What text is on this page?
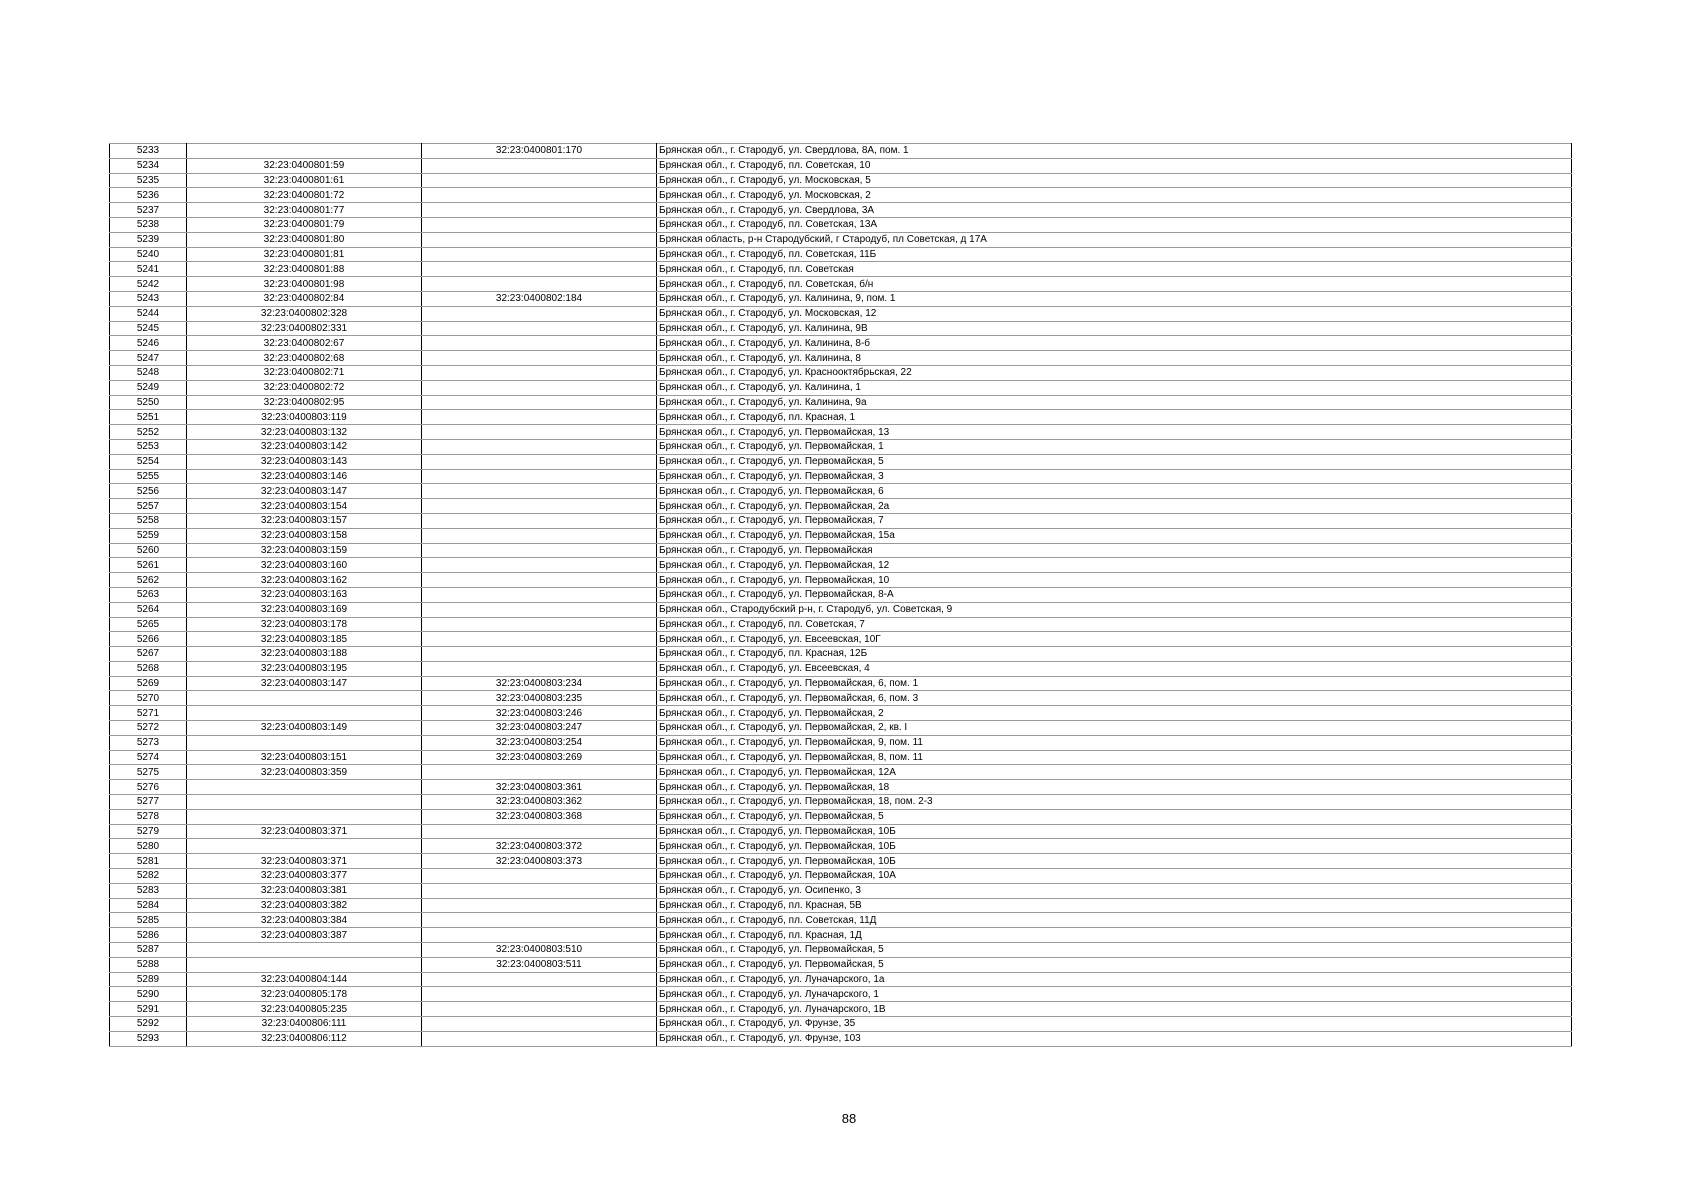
5233		32:23:0400801:170	Брянская обл., г. Стародуб, ул. Свердлова, 8А, пом. 1
5234	32:23:0400801:59		Брянская обл., г. Стародуб, пл. Советская, 10
5235	32:23:0400801:61		Брянская обл., г. Стародуб, ул. Московская, 5
5236	32:23:0400801:72		Брянская обл., г. Стародуб, ул. Московская, 2
5237	32:23:0400801:77		Брянская обл., г. Стародуб, ул. Свердлова, 3А
5238	32:23:0400801:79		Брянская обл., г. Стародуб, пл. Советская, 13А
5239	32:23:0400801:80		Брянская область, р-н Стародубский, г Стародуб, пл Советская, д 17А
5240	32:23:0400801:81		Брянская обл., г. Стародуб, пл. Советская, 11Б
5241	32:23:0400801:88		Брянская обл., г. Стародуб, пл. Советская
5242	32:23:0400801:98		Брянская обл., г. Стародуб, пл. Советская, б/н
5243	32:23:0400802:84	32:23:0400802:184	Брянская обл., г. Стародуб, ул. Калинина, 9, пом. 1
5244	32:23:0400802:328		Брянская обл., г. Стародуб, ул. Московская, 12
5245	32:23:0400802:331		Брянская обл., г. Стародуб, ул. Калинина, 9В
5246	32:23:0400802:67		Брянская обл., г. Стародуб, ул. Калинина, 8-б
5247	32:23:0400802:68		Брянская обл., г. Стародуб, ул. Калинина, 8
5248	32:23:0400802:71		Брянская обл., г. Стародуб, ул. Краснооктябрьская, 22
5249	32:23:0400802:72		Брянская обл., г. Стародуб, ул. Калинина, 1
5250	32:23:0400802:95		Брянская обл., г. Стародуб, ул. Калинина, 9а
5251	32:23:0400803:119		Брянская обл., г. Стародуб, пл. Красная, 1
5252	32:23:0400803:132		Брянская обл., г. Стародуб, ул. Первомайская, 13
5253	32:23:0400803:142		Брянская обл., г. Стародуб, ул. Первомайская, 1
5254	32:23:0400803:143		Брянская обл., г. Стародуб, ул. Первомайская, 5
5255	32:23:0400803:146		Брянская обл., г. Стародуб, ул. Первомайская, 3
5256	32:23:0400803:147		Брянская обл., г. Стародуб, ул. Первомайская, 6
5257	32:23:0400803:154		Брянская обл., г. Стародуб, ул. Первомайская, 2а
5258	32:23:0400803:157		Брянская обл., г. Стародуб, ул. Первомайская, 7
5259	32:23:0400803:158		Брянская обл., г. Стародуб, ул. Первомайская, 15а
5260	32:23:0400803:159		Брянская обл., г. Стародуб, ул. Первомайская
5261	32:23:0400803:160		Брянская обл., г. Стародуб, ул. Первомайская, 12
5262	32:23:0400803:162		Брянская обл., г. Стародуб, ул. Первомайская, 10
5263	32:23:0400803:163		Брянская обл., г. Стародуб, ул. Первомайская, 8-А
5264	32:23:0400803:169		Брянская обл., Стародубский р-н, г. Стародуб, ул. Советская, 9
5265	32:23:0400803:178		Брянская обл., г. Стародуб, пл. Советская, 7
5266	32:23:0400803:185		Брянская обл., г. Стародуб, ул. Евсеевская, 10Г
5267	32:23:0400803:188		Брянская обл., г. Стародуб, пл. Красная, 12Б
5268	32:23:0400803:195		Брянская обл., г. Стародуб, ул. Евсеевская, 4
5269	32:23:0400803:147	32:23:0400803:234	Брянская обл., г. Стародуб, ул. Первомайская, 6, пом. 1
5270		32:23:0400803:235	Брянская обл., г. Стародуб, ул. Первомайская, 6, пом. 3
5271		32:23:0400803:246	Брянская обл., г. Стародуб, ул. Первомайская, 2
5272	32:23:0400803:149	32:23:0400803:247	Брянская обл., г. Стародуб, ул. Первомайская, 2, кв. I
5273		32:23:0400803:254	Брянская обл., г. Стародуб, ул. Первомайская, 9, пом. 11
5274	32:23:0400803:151	32:23:0400803:269	Брянская обл., г. Стародуб, ул. Первомайская, 8, пом. 11
5275	32:23:0400803:359		Брянская обл., г. Стародуб, ул. Первомайская, 12А
5276		32:23:0400803:361	Брянская обл., г. Стародуб, ул. Первомайская, 18
5277		32:23:0400803:362	Брянская обл., г. Стародуб, ул. Первомайская, 18, пом. 2-3
5278		32:23:0400803:368	Брянская обл., г. Стародуб, ул. Первомайская, 5
5279	32:23:0400803:371		Брянская обл., г. Стародуб, ул. Первомайская, 10Б
5280		32:23:0400803:372	Брянская обл., г. Стародуб, ул. Первомайская, 10Б
5281	32:23:0400803:371	32:23:0400803:373	Брянская обл., г. Стародуб, ул. Первомайская, 10Б
5282	32:23:0400803:377		Брянская обл., г. Стародуб, ул. Первомайская, 10А
5283	32:23:0400803:381		Брянская обл., г. Стародуб, ул. Осипенко, 3
5284	32:23:0400803:382		Брянская обл., г. Стародуб, пл. Красная, 5В
5285	32:23:0400803:384		Брянская обл., г. Стародуб, пл. Советская, 11Д
5286	32:23:0400803:387		Брянская обл., г. Стародуб, пл. Красная, 1Д
5287		32:23:0400803:510	Брянская обл., г. Стародуб, ул. Первомайская, 5
5288		32:23:0400803:511	Брянская обл., г. Стародуб, ул. Первомайская, 5
5289	32:23:0400804:144		Брянская обл., г. Стародуб, ул. Луначарского, 1а
5290	32:23:0400805:178		Брянская обл., г. Стародуб, ул. Луначарского, 1
5291	32:23:0400805:235		Брянская обл., г. Стародуб, ул. Луначарского, 1В
5292	32:23:0400806:111		Брянская обл., г. Стародуб, ул. Фрунзе, 35
5293	32:23:0400806:112		Брянская обл., г. Стародуб, ул. Фрунзе, 103
88
